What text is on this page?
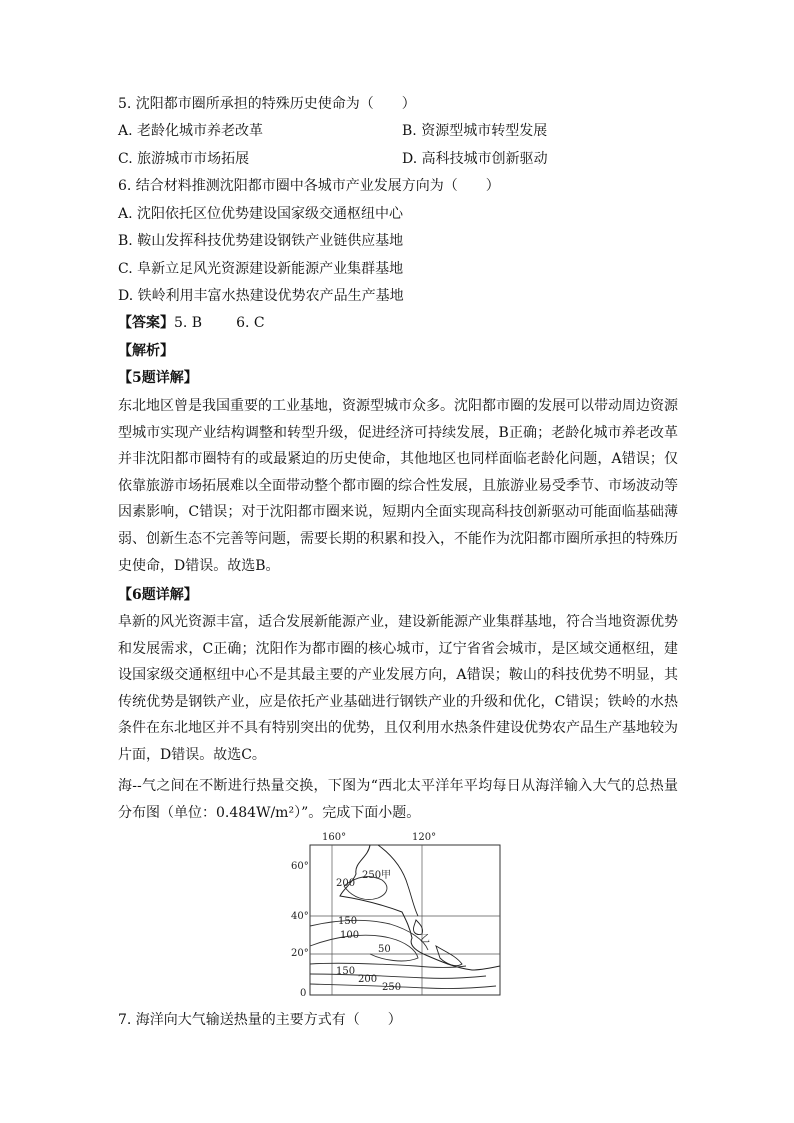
5. 沈阳都市圈所承担的特殊历史使命为（　　）
A. 老龄化城市养老改革	B. 资源型城市转型发展
C. 旅游城市市场拓展	D. 高科技城市创新驱动
6. 结合材料推测沈阳都市圈中各城市产业发展方向为（　　）
A. 沈阳依托区位优势建设国家级交通枢纽中心
B. 鞍山发挥科技优势建设钢铁产业链供应基地
C. 阜新立足风光资源建设新能源产业集群基地
D. 铁岭利用丰富水热建设优势农产品生产基地
【答案】5. B 6. C
【解析】
【5题详解】
东北地区曾是我国重要的工业基地，资源型城市众多。沈阳都市圈的发展可以带动周边资源型城市实现产业结构调整和转型升级，促进经济可持续发展，B正确；老龄化城市养老改革并非沈阳都市圈特有的或最紧迫的历史使命，其他地区也同样面临老龄化问题，A错误；仅依靠旅游市场拓展难以全面带动整个都市圈的综合性发展，且旅游业易受季节、市场波动等因素影响，C错误；对于沈阳都市圈来说，短期内全面实现高科技创新驱动可能面临基础薄弱、创新生态不完善等问题，需要长期的积累和投入，不能作为沈阳都市圈所承担的特殊历史使命，D错误。故选B。
【6题详解】
阜新的风光资源丰富，适合发展新能源产业，建设新能源产业集群基地，符合当地资源优势和发展需求，C正确；沈阳作为都市圈的核心城市，辽宁省省会城市，是区域交通枢纽，建设国家级交通枢纽中心不是其最主要的产业发展方向，A错误；鞍山的科技优势不明显，其传统优势是钢铁产业，应是依托产业基础进行钢铁产业的升级和优化，C错误；铁岭的水热条件在东北地区并不具有特别突出的优势，且仅利用水热条件建设优势农产品生产基地较为片面，D错误。故选C。
海--气之间在不断进行热量交换，下图为“西北太平洋年平均每日从海洋输入大气的总热量分布图（单位：0.484W/m²）”。完成下面小题。
160°	120°
60°
40°
20°
0
200
250 甲
150
100
50
乙
150
200
250
7. 海洋向大气输送热量的主要方式有（　　）
